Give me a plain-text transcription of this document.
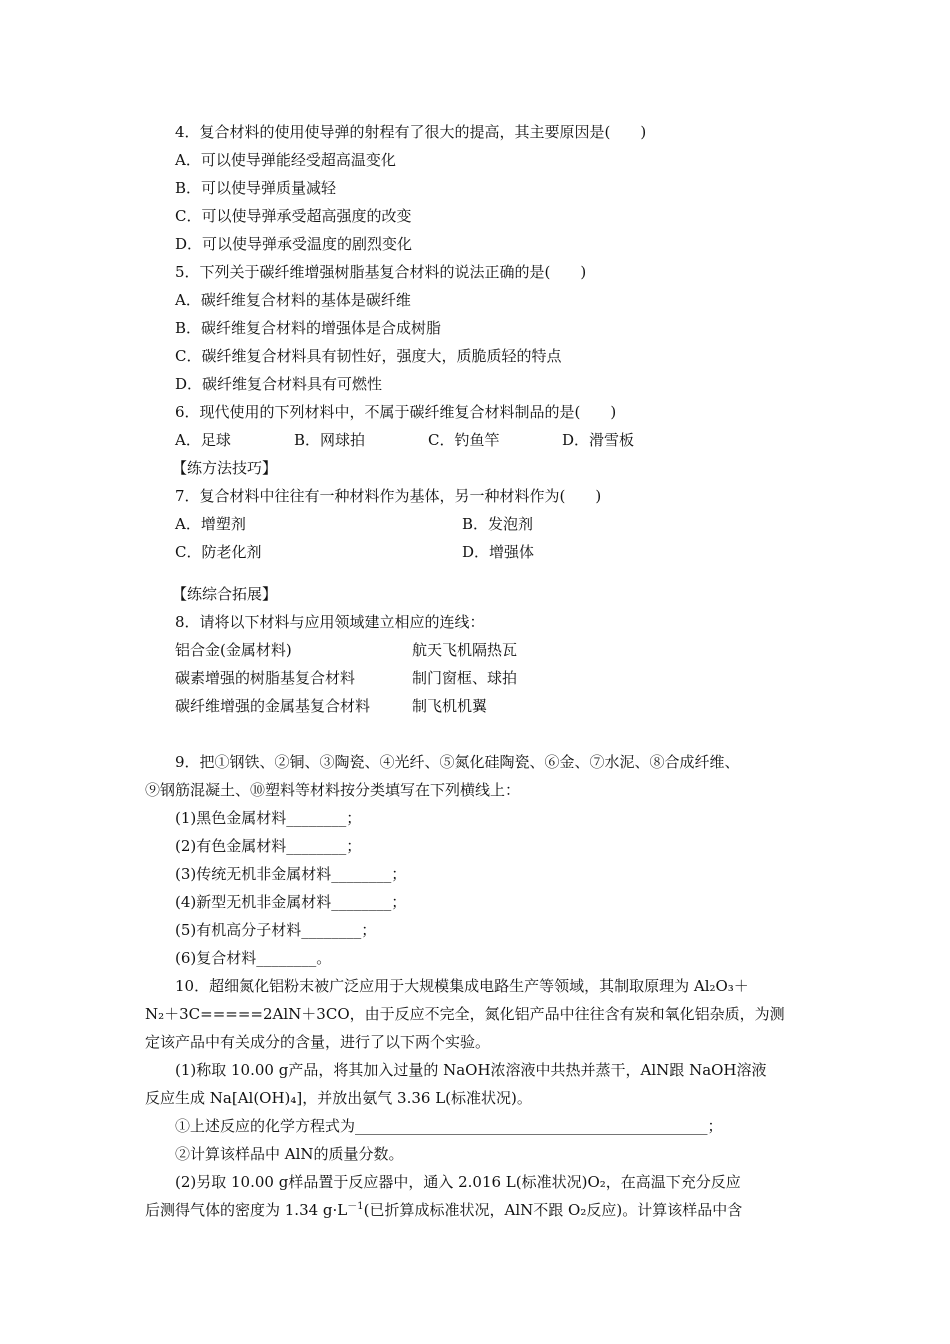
4．复合材料的使用使导弹的射程有了很大的提高，其主要原因是(　　)
A．可以使导弹能经受超高温变化
B．可以使导弹质量减轻
C．可以使导弹承受超高强度的改变
D．可以使导弹承受温度的剧烈变化
5．下列关于碳纤维增强树脂基复合材料的说法正确的是(　　)
A．碳纤维复合材料的基体是碳纤维
B．碳纤维复合材料的增强体是合成树脂
C．碳纤维复合材料具有韧性好，强度大，质脆质轻的特点
D．碳纤维复合材料具有可燃性
6．现代使用的下列材料中，不属于碳纤维复合材料制品的是(　　)
A．足球	B．网球拍	C．钓鱼竿	D．滑雪板
【练方法技巧】
7．复合材料中往往有一种材料作为基体，另一种材料作为(　　)
A．增塑剂	B．发泡剂
C．防老化剂	D．增强体
【练综合拓展】
8．请将以下材料与应用领域建立相应的连线：
铝合金(金属材料)	航天飞机隔热瓦
碳素增强的树脂基复合材料	制门窗框、球拍
碳纤维增强的金属基复合材料	制飞机机翼
9．把①钢铁、②铜、③陶瓷、④光纤、⑤氮化硅陶瓷、⑥金、⑦水泥、⑧合成纤维、
⑨钢筋混凝土、⑩塑料等材料按分类填写在下列横线上：
(1)黑色金属材料________；
(2)有色金属材料________；
(3)传统无机非金属材料________；
(4)新型无机非金属材料________；
(5)有机高分子材料________；
(6)复合材料________。
10．超细氮化铝粉末被广泛应用于大规模集成电路生产等领域，其制取原理为 Al₂O₃＋
N₂＋3C=====2AlN＋3CO，由于反应不完全，氮化铝产品中往往含有炭和氧化铝杂质，为测
定该产品中有关成分的含量，进行了以下两个实验。
(1)称取 10.00 g产品，将其加入过量的 NaOH浓溶液中共热并蒸干，AlN跟 NaOH溶液
反应生成 Na[Al(OH)₄]，并放出氨气 3.36 L(标准状况)。
①上述反应的化学方程式为_______________________________________________；
②计算该样品中 AlN的质量分数。
(2)另取 10.00 g样品置于反应器中，通入 2.016 L(标准状况)O₂，在高温下充分反应
后测得气体的密度为 1.34 $g\cdot L^{-1}$(已折算成标准状况，AlN不跟 O₂反应)。计算该样品中含
